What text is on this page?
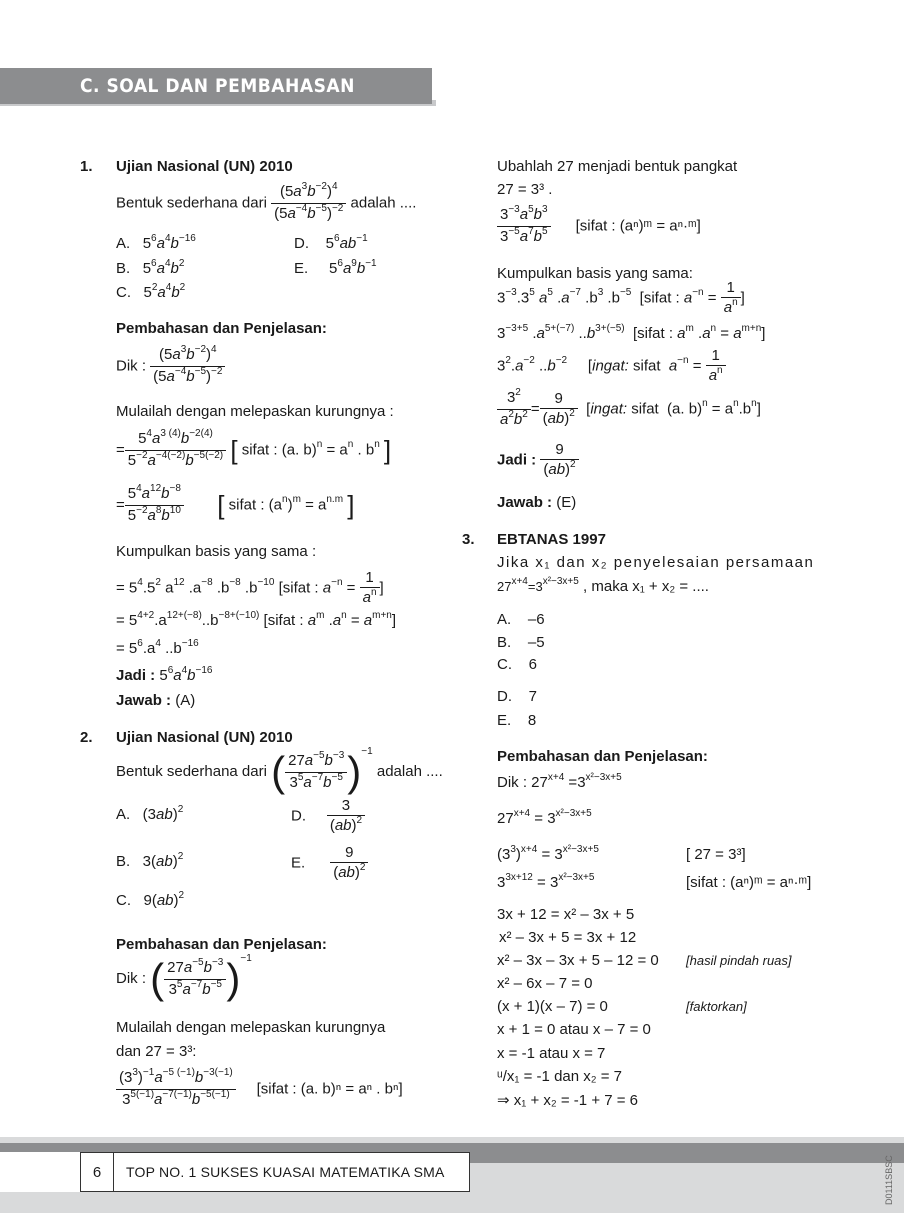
C. SOAL DAN PEMBAHASAN
1. Ujian Nasional (UN) 2010
Bentuk sederhana dari $\frac{(5a^3b^{-2})^4}{(5a^{-4}b^{-5})^{-2}}$ adalah ....
A.   $5^6a^4b^{-16}$
B.   $5^6a^4b^2$
C.   $5^2a^4b^2$
D.    $5^6ab^{-1}$
E.     $5^6a^9b^{-1}$
Pembahasan dan Penjelasan:
Dik : $\frac{(5a^3b^{-2})^4}{(5a^{-4}b^{-5})^{-2}}$
Mulailah dengan melepaskan kurungnya :
= $\frac{5^4a^{3 (4)}b^{-2(4)}}{5^{-2}a^{-4(-2)}b^{-5(-2)}}$ [ sifat : (a. $b)^n = a^n$ . $b^n$ ]
= $\frac{5^4a^{12}b^{-8}}{5^{-2}a^8b^{10}}$ [ sifat : $(a^n)^m = a^{n.m}$ ]
Kumpulkan basis yang sama :
= $5^4.5^2$ $a^{12}$ $.a^{-8}$ $.b^{-8}$ $.b^{-10}$ [sifat : $a^{-n} = \frac{1}{a^n}$ ]
= $5^{4+2}.a^{12+(-8)}..b^{-8+(-10)}$ [sifat : $a^m$ $.a^n = a^{m+n}$]
= $5^6.a^4$ $..b^{-16}$
Jadi : $5^6a^4b^{-16}$
Jawab : (A)
2. Ujian Nasional (UN) 2010
Bentuk sederhana dari ( $\frac{27a^{-5}b^{-3}}{3^5a^{-7}b^{-5}} )^{-1}$ adalah ....
A.   $(3ab)^2$
B.   3(ab)$^2$
C.   9(ab)$^2$
D. $\frac{3}{(ab)^2}$
E. $\frac{9}{(ab)^2}$
Pembahasan dan Penjelasan:
Dik : ( $\frac{27a^{-5}b^{-3}}{3^5a^{-7}b^{-5}} )^{-1}$
Mulailah dengan melepaskan kurungnya
dan 27 = 3³:
$\frac{(3^3)^{-1}a^{-5 (-1)}b^{-3(-1)}}{3^{5(-1)}a^{-7(-1)}b^{-5(-1)}}$ [sifat : (a. b)ⁿ = aⁿ . bⁿ]
Ubahlah 27 menjadi bentuk pangkat
27 = 3³ .
$\frac{3^{-3}a^5b^3}{3^{-5}a^7b^5}$ [sifat : (aⁿ)ᵐ = aⁿ·ᵐ]
Kumpulkan basis yang sama:
$3^{-3}.3^5$ $a^5$ $.a^{-7}$ $.b^3$ $.b^{-5}$  [sifat : $a^{-n} = \frac{1}{a^n}$ ]
$3^{-3+5}$ $.a^{5+(-7)}$ $..b^{3+(-5)}$  [sifat : $a^m$ $.a^n = a^{m+n}$]
$3^2.a^{-2}$ $..b^{-2}$     [ingat: sifat  $a^{-n} = \frac{1}{a^n}$
$\frac{3^2}{a^2b^2} = \frac{9}{(ab)^2}$ [ingat: sifat  (a. $b)^n = a^n.b^n$]
Jadi : $\frac{9}{(ab)^2}$
Jawab : (E)
3. EBTANAS 1997
Jika x₁ dan x₂ penyelesaian persamaan
$27^{x+4}=3^{x^2-3x+5}$ , maka x₁ + x₂ = ....
A. –6
B. –5
C. 6
D. 7
E. 8
Pembahasan dan Penjelasan:
Dik : $27^{x+4} =3^{x^2-3x+5}$
$27^{x+4} = 3^{x^2-3x+5}$
$(3^3)^{x+4} = 3^{x^2-3x+5}$	[ 27 = 3³]
$3^{3x+12} = 3^{x^2-3x+5}$	[sifat : (aⁿ)ᵐ = aⁿ·ᵐ]
3x + 12 = x² – 3x + 5
x² – 3x + 5 = 3x + 12
x² – 3x – 3x + 5 – 12 = 0 [hasil pindah ruas]
x² – 6x – 7 = 0
(x + 1)(x – 7) = 0	[faktorkan]
x + 1 = 0 atau x – 7 = 0
x = -1 atau x = 7
ᵘ/x₁ = -1 dan x₂ = 7
⇒ x₁ + x₂ = -1 + 7 = 6
6	TOP NO. 1 SUKSES KUASAI MATEMATIKA SMA	D0111SBSC
